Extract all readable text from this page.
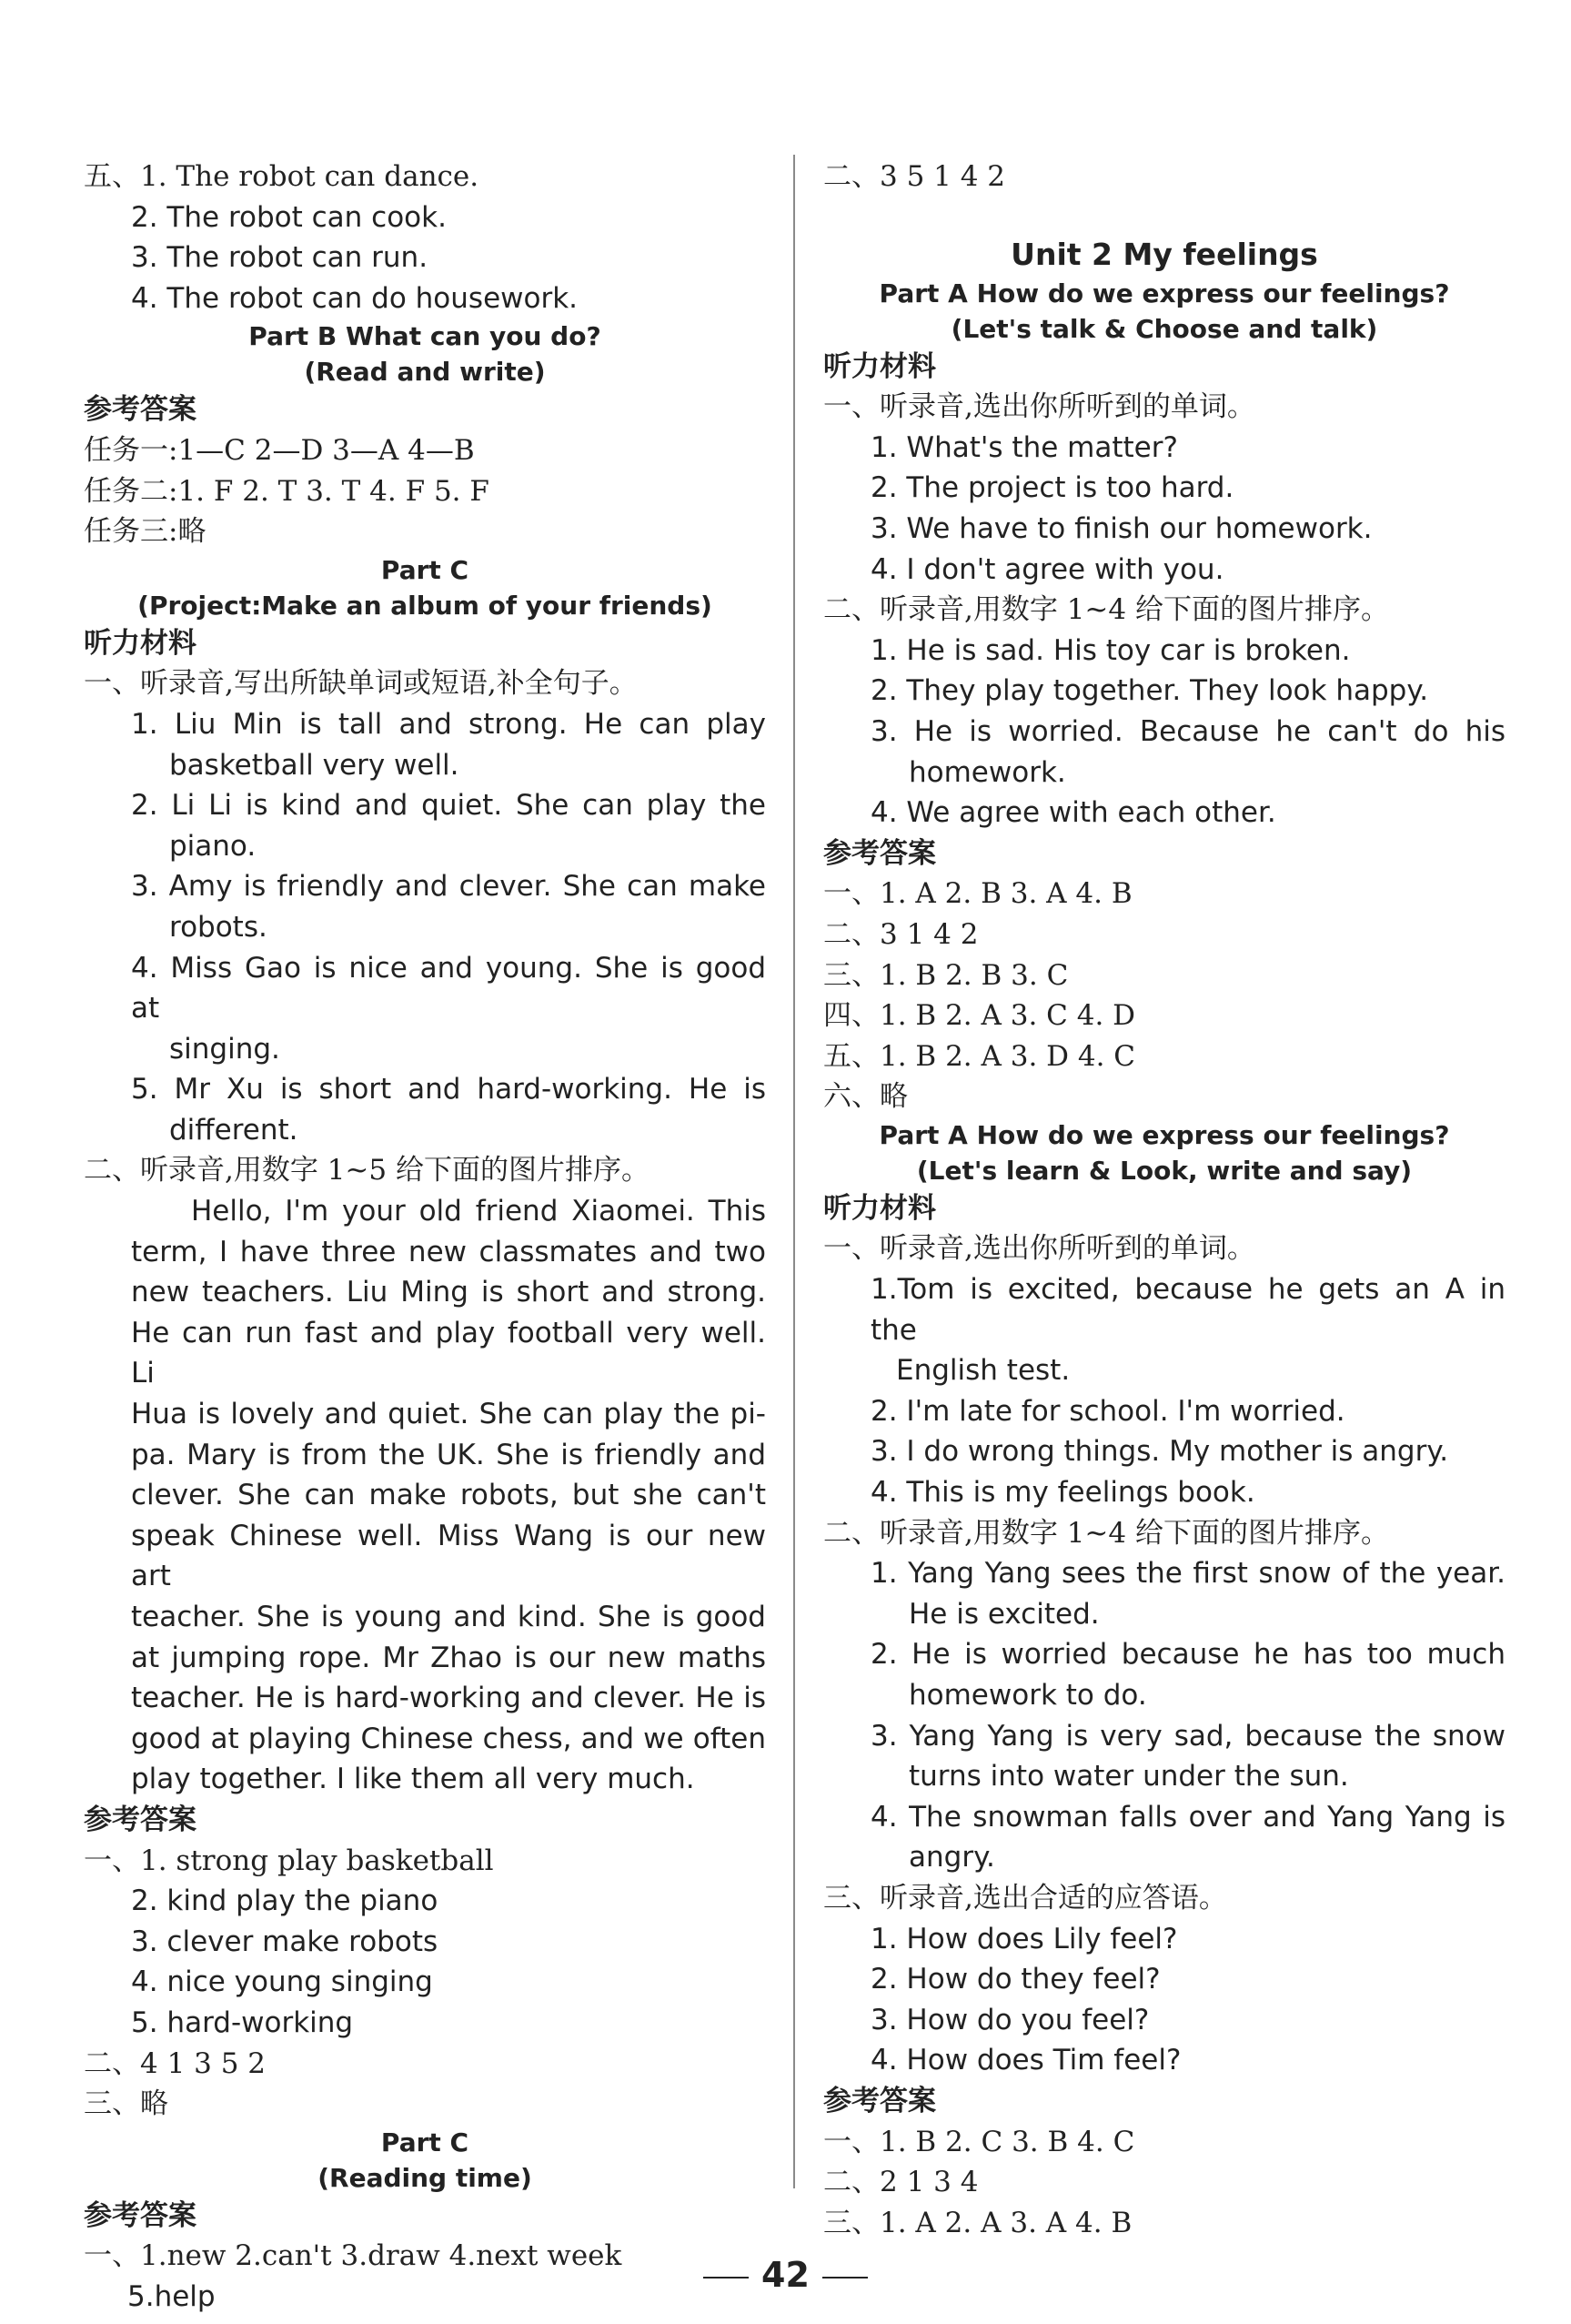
五、1. The robot can dance.
2. The robot can cook.
3. The robot can run.
4. The robot can do housework.
Part B What can you do?
(Read and write)
参考答案
任务一:1—C 2—D 3—A 4—B
任务二:1. F 2. T 3. T 4. F 5. F
任务三:略
Part C
(Project:Make an album of your friends)
听力材料
一、听录音,写出所缺单词或短语,补全句子。
1. Liu Min is tall and strong. He can play
basketball very well.
2. Li Li is kind and quiet. She can play the
piano.
3. Amy is friendly and clever. She can make
robots.
4. Miss Gao is nice and young. She is good at
singing.
5. Mr Xu is short and hard-working. He is
different.
二、听录音,用数字 1~5 给下面的图片排序。
Hello, I'm your old friend Xiaomei. This
term, I have three new classmates and two
new teachers. Liu Ming is short and strong.
He can run fast and play football very well. Li
Hua is lovely and quiet. She can play the pi-
pa. Mary is from the UK. She is friendly and
clever. She can make robots, but she can't
speak Chinese well. Miss Wang is our new art
teacher. She is young and kind. She is good
at jumping rope. Mr Zhao is our new maths
teacher. He is hard-working and clever. He is
good at playing Chinese chess, and we often
play together. I like them all very much.
参考答案
一、1. strong play basketball
2. kind play the piano
3. clever make robots
4. nice young singing
5. hard-working
二、4 1 3 5 2
三、略
Part C
(Reading time)
参考答案
一、1.new 2.can't 3.draw 4.next week
5.help
二、3 5 1 4 2
Unit 2 My feelings
Part A How do we express our feelings?
(Let's talk & Choose and talk)
听力材料
一、听录音,选出你所听到的单词。
1. What's the matter?
2. The project is too hard.
3. We have to finish our homework.
4. I don't agree with you.
二、听录音,用数字 1~4 给下面的图片排序。
1. He is sad. His toy car is broken.
2. They play together. They look happy.
3. He is worried. Because he can't do his
homework.
4. We agree with each other.
参考答案
一、1. A 2. B 3. A 4. B
二、3 1 4 2
三、1. B 2. B 3. C
四、1. B 2. A 3. C 4. D
五、1. B 2. A 3. D 4. C
六、略
Part A How do we express our feelings?
(Let's learn & Look, write and say)
听力材料
一、听录音,选出你所听到的单词。
1.Tom is excited, because he gets an A in the
English test.
2. I'm late for school. I'm worried.
3. I do wrong things. My mother is angry.
4. This is my feelings book.
二、听录音,用数字 1~4 给下面的图片排序。
1. Yang Yang sees the first snow of the year.
He is excited.
2. He is worried because he has too much
homework to do.
3. Yang Yang is very sad, because the snow
turns into water under the sun.
4. The snowman falls over and Yang Yang is
angry.
三、听录音,选出合适的应答语。
1. How does Lily feel?
2. How do they feel?
3. How do you feel?
4. How does Tim feel?
参考答案
一、1. B 2. C 3. B 4. C
二、2 1 3 4
三、1. A 2. A 3. A 4. B
42
